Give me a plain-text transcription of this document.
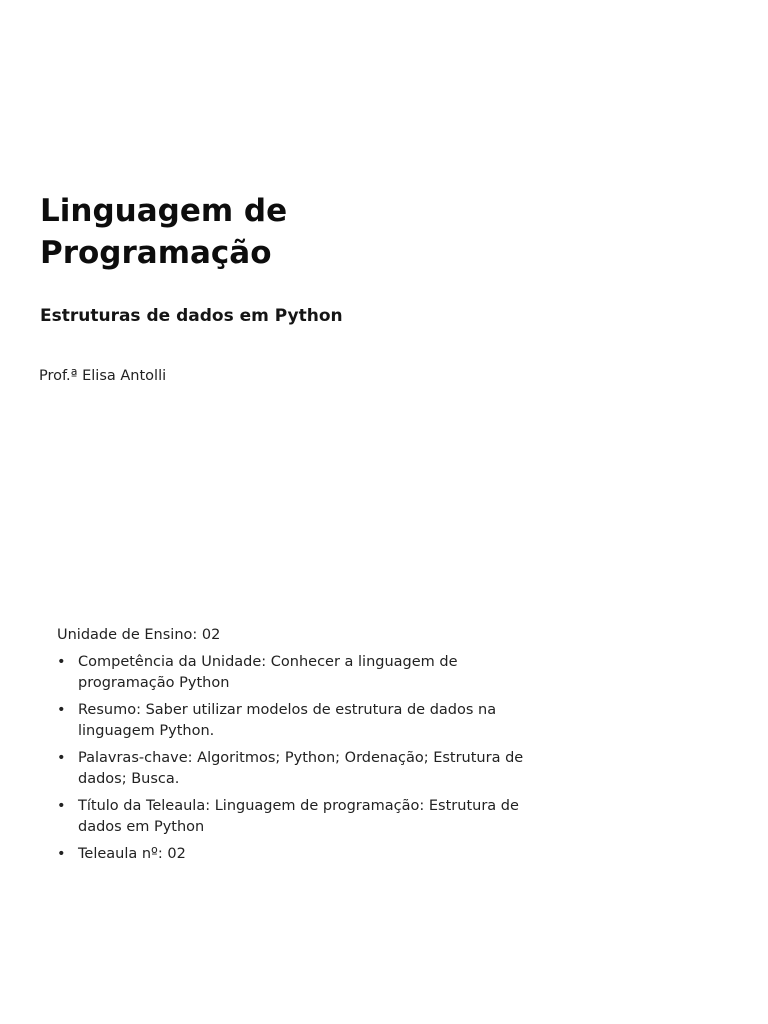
Linguagem de
Programação
Estruturas de dados em Python

Prof.ª Elisa Antolli

Unidade de Ensino: 02

• Competência da Unidade: Conhecer a linguagem de programação Python
• Resumo: Saber utilizar modelos de estrutura de dados na linguagem Python.
• Palavras-chave: Algoritmos; Python; Ordenação; Estrutura de dados; Busca.
• Título da Teleaula: Linguagem de programação: Estrutura de dados em Python
• Teleaula nº: 02
